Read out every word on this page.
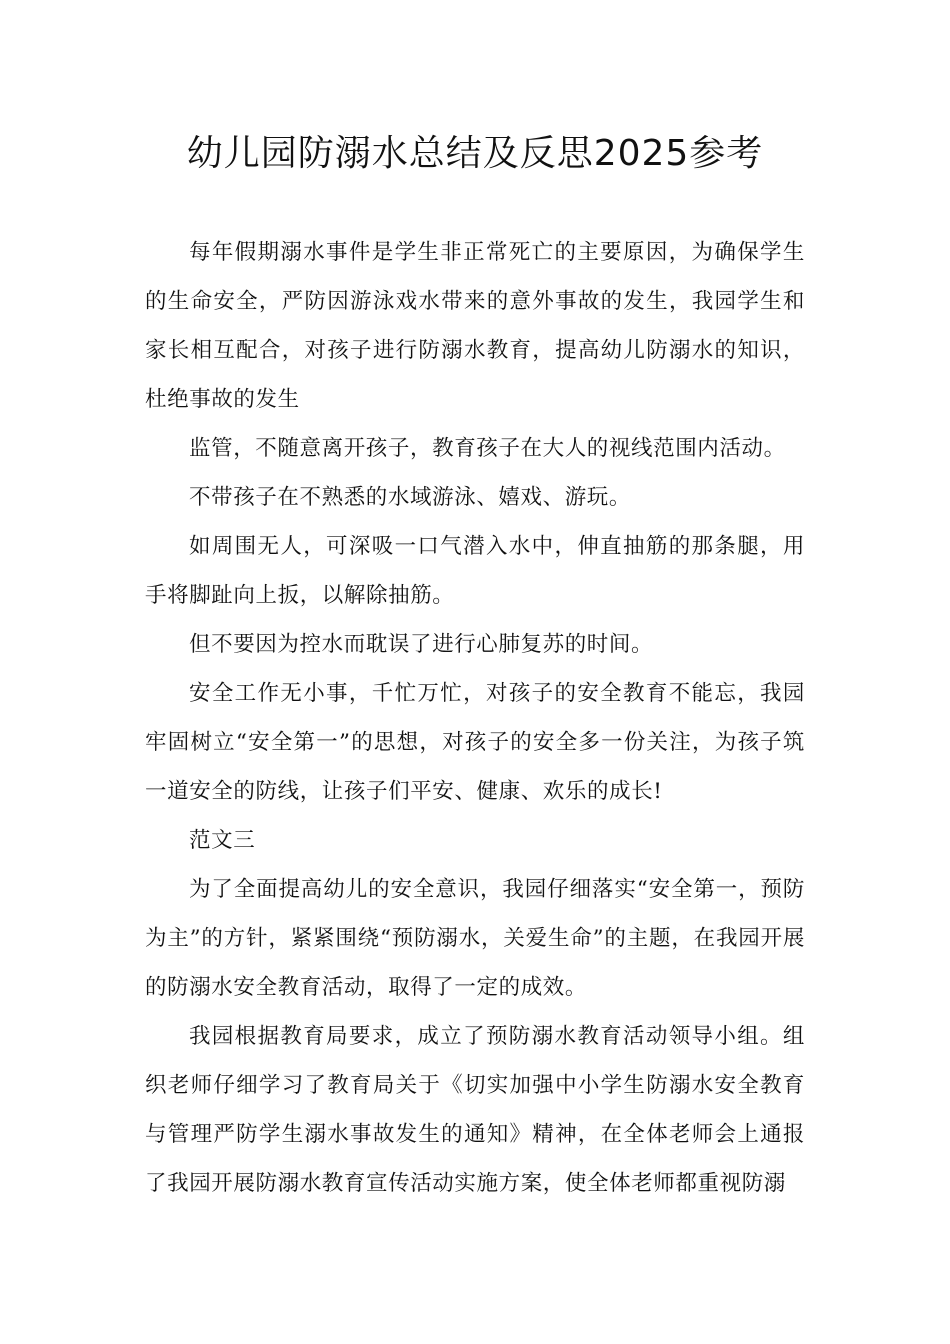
幼儿园防溺水总结及反思2025参考

每年假期溺水事件是学生非正常死亡的主要原因，为确保学生的生命安全，严防因游泳戏水带来的意外事故的发生，我园学生和家长相互配合，对孩子进行防溺水教育，提高幼儿防溺水的知识，杜绝事故的发生

监管，不随意离开孩子，教育孩子在大人的视线范围内活动。

不带孩子在不熟悉的水域游泳、嬉戏、游玩。

如周围无人，可深吸一口气潜入水中，伸直抽筋的那条腿，用手将脚趾向上扳，以解除抽筋。

但不要因为控水而耽误了进行心肺复苏的时间。

安全工作无小事，千忙万忙，对孩子的安全教育不能忘，我园牢固树立“安全第一”的思想，对孩子的安全多一份关注，为孩子筑一道安全的防线，让孩子们平安、健康、欢乐的成长!

范文三

为了全面提高幼儿的安全意识，我园仔细落实“安全第一，预防为主”的方针，紧紧围绕“预防溺水，关爱生命”的主题，在我园开展的防溺水安全教育活动，取得了一定的成效。

我园根据教育局要求，成立了预防溺水教育活动领导小组。组织老师仔细学习了教育局关于《切实加强中小学生防溺水安全教育与管理严防学生溺水事故发生的通知》精神，在全体老师会上通报了我园开展防溺水教育宣传活动实施方案，使全体老师都重视防溺
